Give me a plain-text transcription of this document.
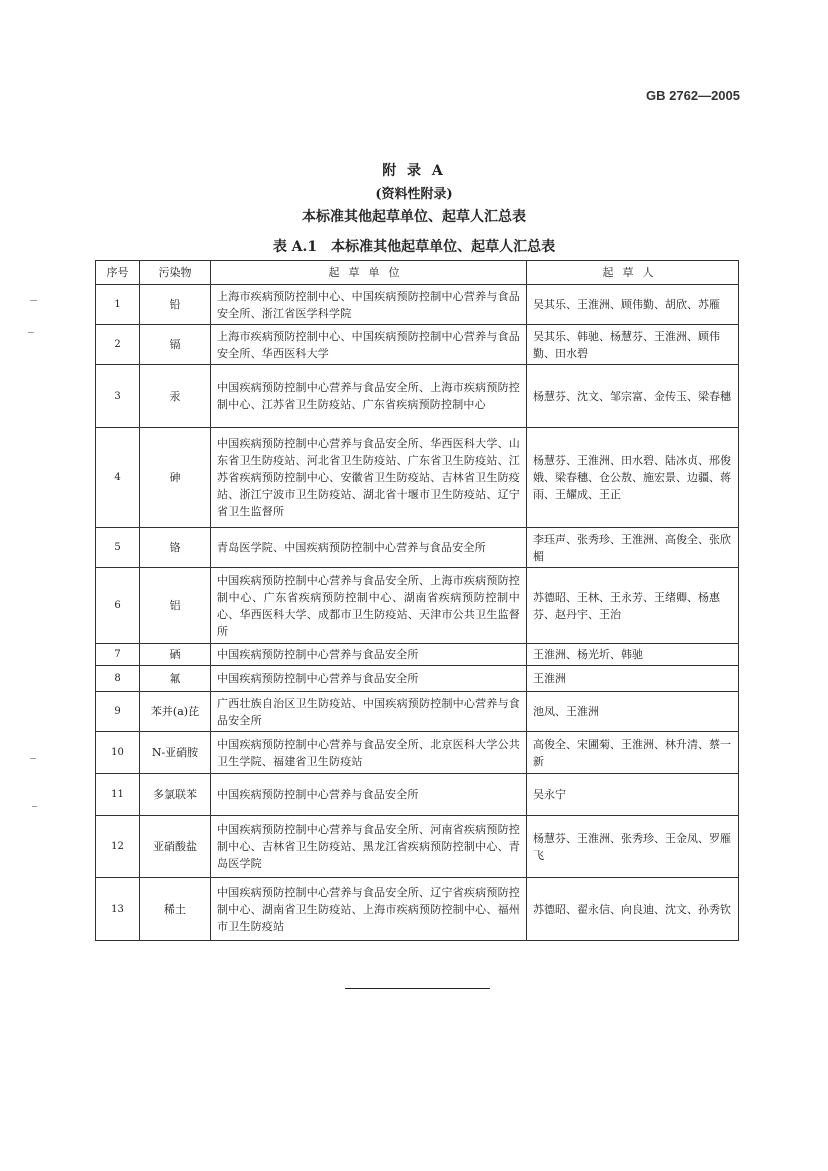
GB 2762—2005
附 录 A
(资料性附录)
本标准其他起草单位、起草人汇总表
表 A.1 本标准其他起草单位、起草人汇总表
序号	污染物	起草单位	起草人
1	铅	上海市疾病预防控制中心、中国疾病预防控制中心营养与食品安全所、浙江省医学科学院	吴其乐、王淮洲、顾伟勤、胡欣、苏雁
2	镉	上海市疾病预防控制中心、中国疾病预防控制中心营养与食品安全所、华西医科大学	吴其乐、韩驰、杨慧芬、王淮洲、顾伟勤、田水碧
3	汞	中国疾病预防控制中心营养与食品安全所、上海市疾病预防控制中心、江苏省卫生防疫站、广东省疾病预防控制中心	杨慧芬、沈文、邹宗富、金传玉、梁春穗
4	砷	中国疾病预防控制中心营养与食品安全所、华西医科大学、山东省卫生防疫站、河北省卫生防疫站、广东省卫生防疫站、江苏省疾病预防控制中心、安徽省卫生防疫站、吉林省卫生防疫站、浙江宁波市卫生防疫站、湖北省十堰市卫生防疫站、辽宁省卫生监督所	杨慧芬、王淮洲、田水碧、陆冰贞、邢俊娥、梁春穗、仓公敖、施宏景、边疆、蒋雨、王耀成、王正
5	铬	青岛医学院、中国疾病预防控制中心营养与食品安全所	李珏声、张秀珍、王淮洲、高俊全、张欣楣
6	铝	中国疾病预防控制中心营养与食品安全所、上海市疾病预防控制中心、广东省疾病预防控制中心、湖南省疾病预防控制中心、华西医科大学、成都市卫生防疫站、天津市公共卫生监督所	苏德昭、王林、王永芳、王绪卿、杨惠芬、赵丹宇、王治
7	硒	中国疾病预防控制中心营养与食品安全所	王淮洲、杨光圻、韩驰
8	氟	中国疾病预防控制中心营养与食品安全所	王淮洲
9	苯并(a)芘	广西壮族自治区卫生防疫站、中国疾病预防控制中心营养与食品安全所	池凤、王淮洲
10	N-亚硝胺	中国疾病预防控制中心营养与食品安全所、北京医科大学公共卫生学院、福建省卫生防疫站	高俊全、宋圃菊、王淮洲、林升清、蔡一新
11	多氯联苯	中国疾病预防控制中心营养与食品安全所	吴永宁
12	亚硝酸盐	中国疾病预防控制中心营养与食品安全所、河南省疾病预防控制中心、吉林省卫生防疫站、黑龙江省疾病预防控制中心、青岛医学院	杨慧芬、王淮洲、张秀珍、王金凤、罗雁飞
13	稀土	中国疾病预防控制中心营养与食品安全所、辽宁省疾病预防控制中心、湖南省卫生防疫站、上海市疾病预防控制中心、福州市卫生防疫站	苏德昭、翟永信、向良迪、沈文、孙秀钦
